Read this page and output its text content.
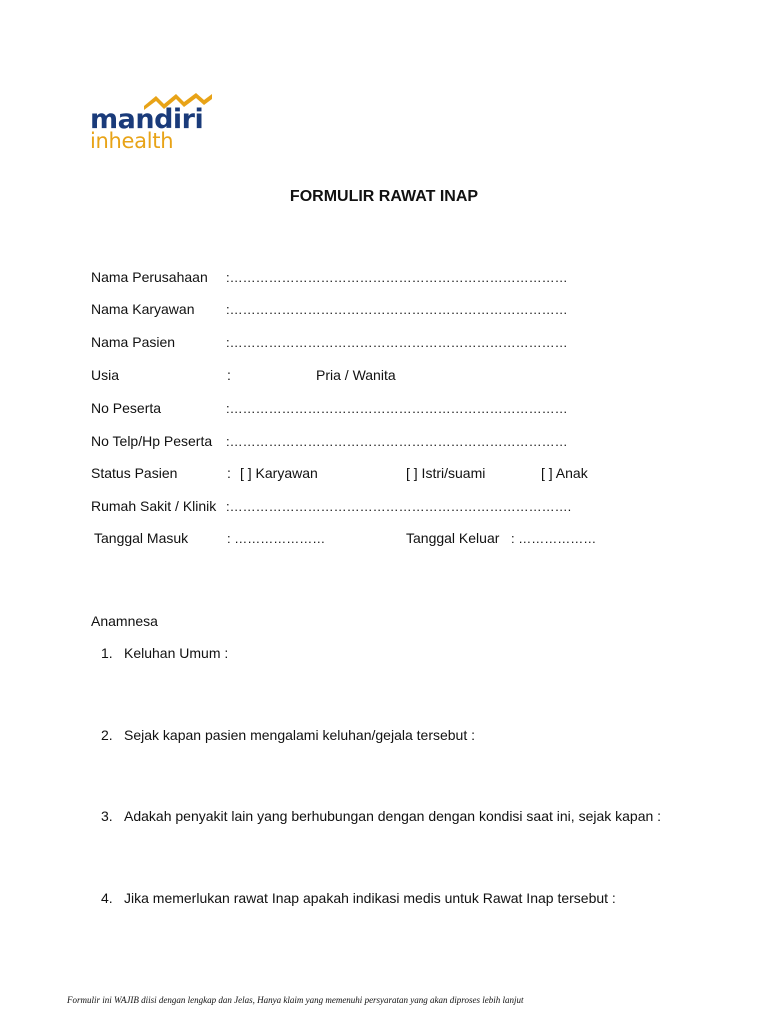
mandiri
inhealth
FORMULIR RAWAT INAP
Nama Perusahaan :……………………………………………………………………
Nama Karyawan :……………………………………………………………………
Nama Pasien	:……………………………………………………………………
Usia	:	Pria / Wanita
No Peserta	:……………………………………………………………………
No Telp/Hp Peserta :……………………………………………………………………
Status Pasien	: [ ] Karyawan	[ ] Istri/suami	[ ] Anak
Rumah Sakit / Klinik :…………………………………………………………………….
Tanggal Masuk	: …………………	Tanggal Keluar : ………………
Anamnesa
1. Keluhan Umum :
2. Sejak kapan pasien mengalami keluhan/gejala tersebut :
3. Adakah penyakit lain yang berhubungan dengan dengan kondisi saat ini, sejak kapan :
4. Jika memerlukan rawat Inap apakah indikasi medis untuk Rawat Inap tersebut :
Formulir ini WAJIB diisi dengan lengkap dan Jelas, Hanya klaim yang memenuhi persyaratan yang akan diproses lebih lanjut
